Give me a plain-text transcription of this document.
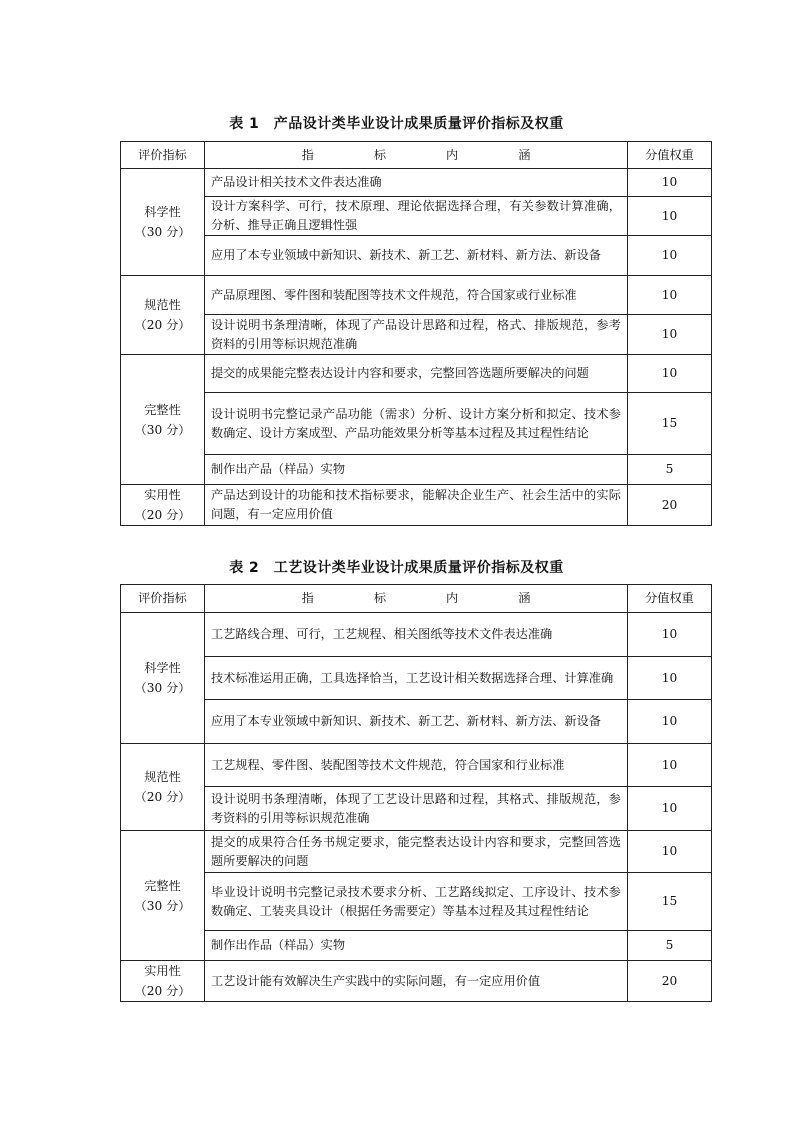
表 1　产品设计类毕业设计成果质量评价指标及权重
评价指标	指 标 内 涵	分值权重

科学性
（30 分）	产品设计相关技术文件表达准确	10
	设计方案科学、可行，技术原理、理论依据选择合理，有关参数计算准确，分析、推导正确且逻辑性强	10
	应用了本专业领域中新知识、新技术、新工艺、新材料、新方法、新设备	10

规范性
（20 分）	产品原理图、零件图和装配图等技术文件规范，符合国家或行业标准	10
	设计说明书条理清晰，体现了产品设计思路和过程，格式、排版规范，参考资料的引用等标识规范准确	10

完整性
（30 分）	提交的成果能完整表达设计内容和要求，完整回答选题所要解决的问题	10
	设计说明书完整记录产品功能（需求）分析、设计方案分析和拟定、技术参数确定、设计方案成型、产品功能效果分析等基本过程及其过程性结论	15
	制作出产品（样品）实物	5

实用性
（20 分）	产品达到设计的功能和技术指标要求，能解决企业生产、社会生活中的实际问题，有一定应用价值	20
表 2　工艺设计类毕业设计成果质量评价指标及权重
评价指标	指 标 内 涵	分值权重

科学性
（30 分）	工艺路线合理、可行，工艺规程、相关图纸等技术文件表达准确	10
	技术标准运用正确，工具选择恰当，工艺设计相关数据选择合理、计算准确	10
	应用了本专业领域中新知识、新技术、新工艺、新材料、新方法、新设备	10

规范性
（20 分）	工艺规程、零件图、装配图等技术文件规范，符合国家和行业标准	10
	设计说明书条理清晰，体现了工艺设计思路和过程，其格式、排版规范，参考资料的引用等标识规范准确	10

完整性
（30 分）	提交的成果符合任务书规定要求，能完整表达设计内容和要求，完整回答选题所要解决的问题	10
	毕业设计说明书完整记录技术要求分析、工艺路线拟定、工序设计、技术参数确定、工装夹具设计（根据任务需要定）等基本过程及其过程性结论	15
	制作出作品（样品）实物	5

实用性
（20 分）	工艺设计能有效解决生产实践中的实际问题，有一定应用价值	20
